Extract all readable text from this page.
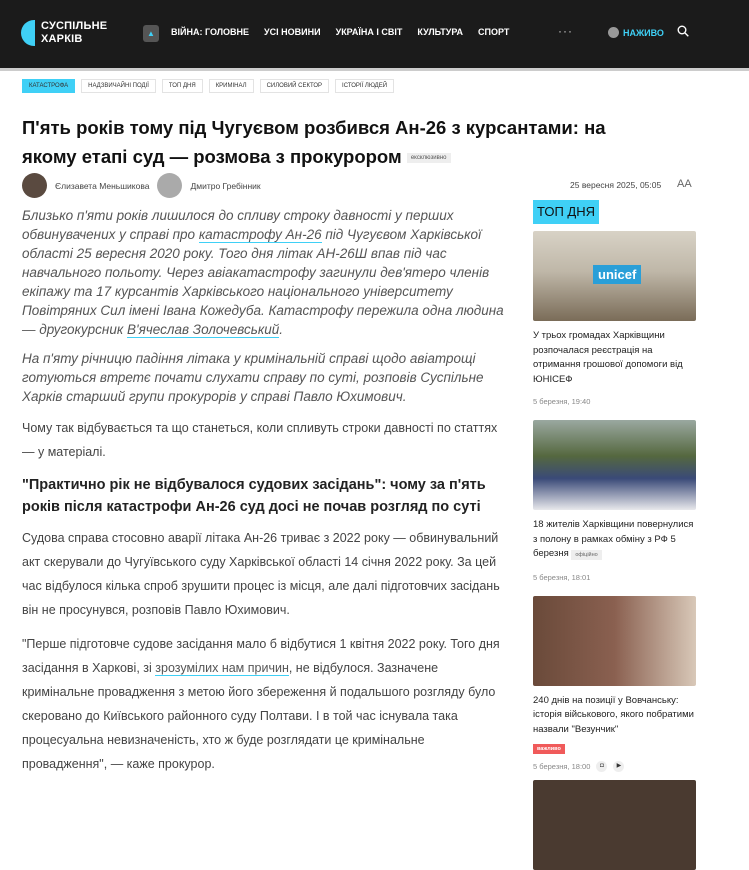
СУСПІЛЬНЕ
ХАРКІВ	▲	ВІЙНА: ГОЛОВНЕ УСІ НОВИНИ УКРАЇНА І СВІТ КУЛЬТУРА СПОРТ	···	НАЖИВО
КАТАСТРОФА	НАДЗВИЧАЙНІ ПОДІЇ	ТОП ДНЯ	КРИМІНАЛ	СИЛОВИЙ СЕКТОР	ІСТОРІЇ ЛЮДЕЙ
П'ять років тому під Чугуєвом розбився Ан-26 з курсантами: на якому етапі суд — розмова з прокурором ексклюзивно
Єлизавета Меньшикова	Дмитро Гребінник	25 вересня 2025, 05:05 AA

Близько п'яти років лишилося до спливу строку давності у перших обвинувачених у справі про катастрофу Ан-26 під Чугуєвом Харківської області 25 вересня 2020 року. Того дня літак АН-26Ш впав під час навчального польоту. Через авіакатастрофу загинули дев'ятеро членів екіпажу та 17 курсантів Харківського національного університету Повітряних Сил імені Івана Кожедуба. Катастрофу пережила одна людина — другокурсник В'ячеслав Золочевський.

На п'яту річницю падіння літака у кримінальній справі щодо авіатрощі готуються втретє почати слухати справу по суті, розповів Суспільне Харків старший групи прокурорів у справі Павло Юхимович.

Чому так відбувається та що станеться, коли спливуть строки давності по статтях — у матеріалі.

"Практично рік не відбувалося судових засідань": чому за п'ять років після катастрофи Ан-26 суд досі не почав розгляд по суті

Судова справа стосовно аварії літака Ан-26 триває з 2022 року — обвинувальний акт скерували до Чугуївського суду Харківської області 14 січня 2022 року. За цей час відбулося кілька спроб зрушити процес із місця, але далі підготовчих засідань він не просунувся, розповів Павло Юхимович.

"Перше підготовче судове засідання мало б відбутися 1 квітня 2022 року. Того дня засідання в Харкові, зі зрозумілих нам причин, не відбулося. Зазначене кримінальне провадження з метою його збереження й подальшого розгляду було скеровано до Київського районного суду Полтави. І в той час існувала така процесуальна невизначеність, хто ж буде розглядати це кримінальне провадження", — каже прокурор.

ТОП ДНЯ
unicef
У трьох громадах Харківщини розпочалася реєстрація на отримання грошової допомоги від ЮНІСЕФ
5 березня, 19:40
18 жителів Харківщини повернулися з полону в рамках обміну з РФ 5 березня офіційно
5 березня, 18:01
240 днів на позиції у Вовчанську: історія військового, якого побратими назвали "Везунчик"
важливо
5 березня, 18:00	◘	▶
